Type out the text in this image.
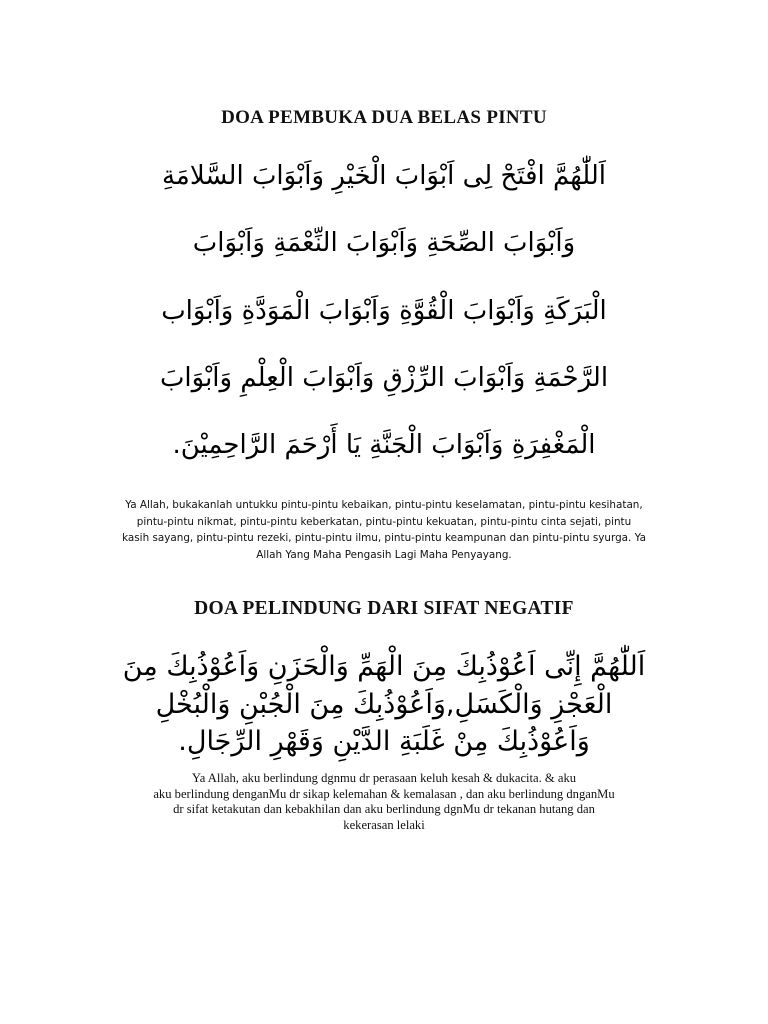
DOA PEMBUKA DUA BELAS PINTU
اَللّٰهُمَّ افْتَحْ لِى اَبْوَابَ الْخَيْرِ وَاَبْوَابَ السَّلامَةِ
وَاَبْوَابَ الصِّحَةِ وَاَبْوَابَ النِّعْمَةِ وَاَبْوَابَ
الْبَرَكَةِ وَاَبْوَابَ الْقُوَّةِ وَاَبْوَابَ الْمَوَدَّةِ وَاَبْوَاب
الرَّحْمَةِ وَاَبْوَابَ الرِّزْقِ وَاَبْوَابَ الْعِلْمِ وَاَبْوَابَ
الْمَغْفِرَةِ وَاَبْوَابَ الْجَنَّةِ يَا أَرْحَمَ الرَّاحِمِيْنَ.
Ya Allah, bukakanlah untukku pintu-pintu kebaikan, pintu-pintu keselamatan, pintu-pintu kesihatan,
pintu-pintu nikmat, pintu-pintu keberkatan, pintu-pintu kekuatan, pintu-pintu cinta sejati, pintu
kasih sayang, pintu-pintu rezeki, pintu-pintu ilmu, pintu-pintu keampunan dan pintu-pintu syurga. Ya
Allah Yang Maha Pengasih Lagi Maha Penyayang.
DOA PELINDUNG DARI SIFAT NEGATIF
اَللّٰهُمَّ إِنِّى اَعُوْذُبِكَ مِنَ الْهَمِّ وَالْحَزَنِ وَاَعُوْذُبِكَ مِنَ
الْعَجْزِ وَالْكَسَلِ,وَاَعُوْذُبِكَ مِنَ الْجُبْنِ وَالْبُخْلِ
وَاَعُوْذُبِكَ مِنْ غَلَبَةِ الدَّيْنِ وَقَهْرِ الرِّجَالِ.
Ya Allah, aku berlindung dgnmu dr perasaan keluh kesah & dukacita. & aku
aku berlindung denganMu dr sikap kelemahan & kemalasan , dan aku berlindung dnganMu
dr sifat ketakutan dan kebakhilan dan aku berlindung dgnMu dr tekanan hutang dan
kekerasan lelaki
